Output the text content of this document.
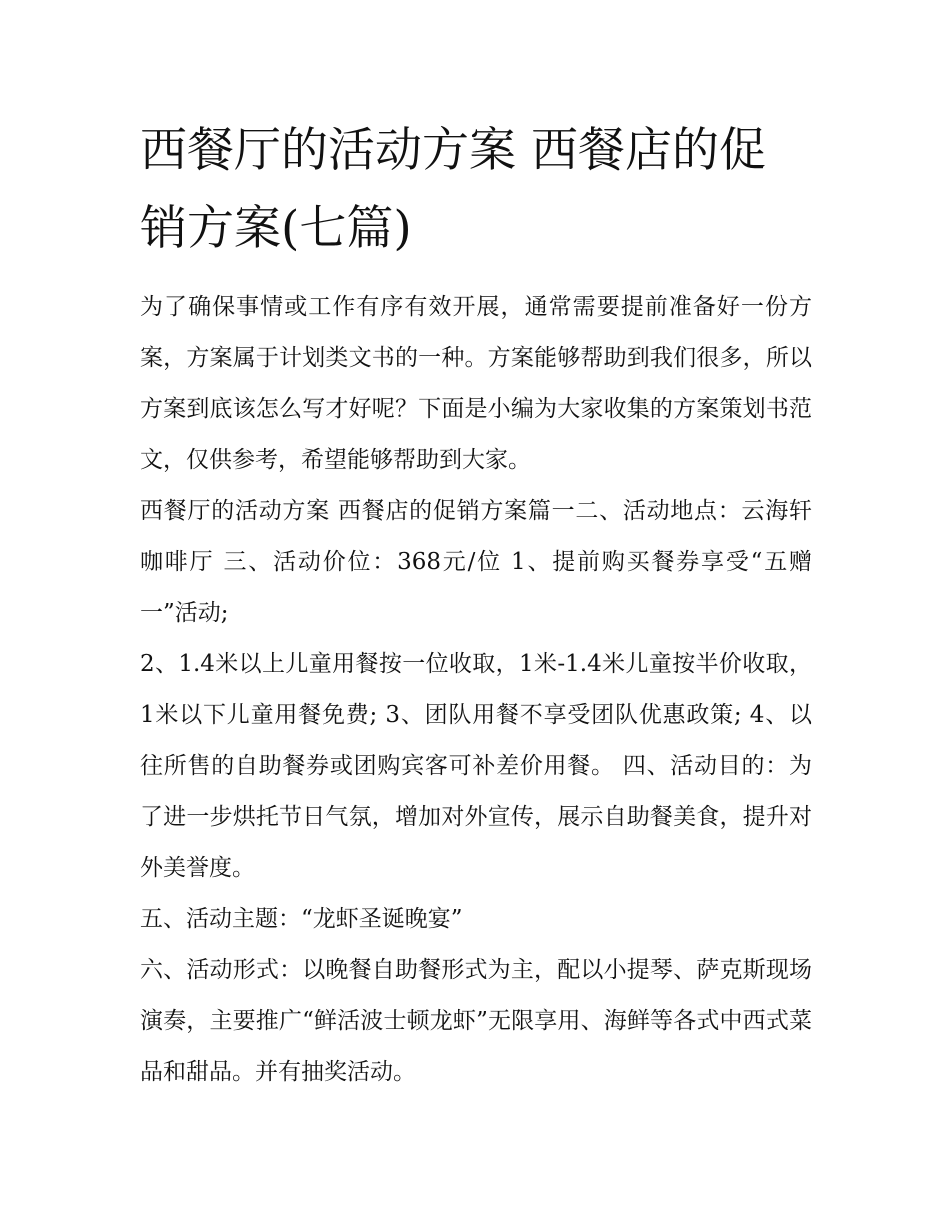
西餐厅的活动方案 西餐店的促销方案(七篇)

为了确保事情或工作有序有效开展，通常需要提前准备好一份方案，方案属于计划类文书的一种。方案能够帮助到我们很多，所以方案到底该怎么写才好呢？下面是小编为大家收集的方案策划书范文，仅供参考，希望能够帮助到大家。

西餐厅的活动方案 西餐店的促销方案篇一二、活动地点：云海轩咖啡厅 三、活动价位：368元/位 1、提前购买餐券享受“五赠一”活动;

2、1.4米以上儿童用餐按一位收取，1米-1.4米儿童按半价收取，1米以下儿童用餐免费; 3、团队用餐不享受团队优惠政策; 4、以往所售的自助餐券或团购宾客可补差价用餐。 四、活动目的：为了进一步烘托节日气氛，增加对外宣传，展示自助餐美食，提升对外美誉度。

五、活动主题：“龙虾圣诞晚宴”

六、活动形式：以晚餐自助餐形式为主，配以小提琴、萨克斯现场演奏，主要推广“鲜活波士顿龙虾”无限享用、海鲜等各式中西式菜品和甜品。并有抽奖活动。
